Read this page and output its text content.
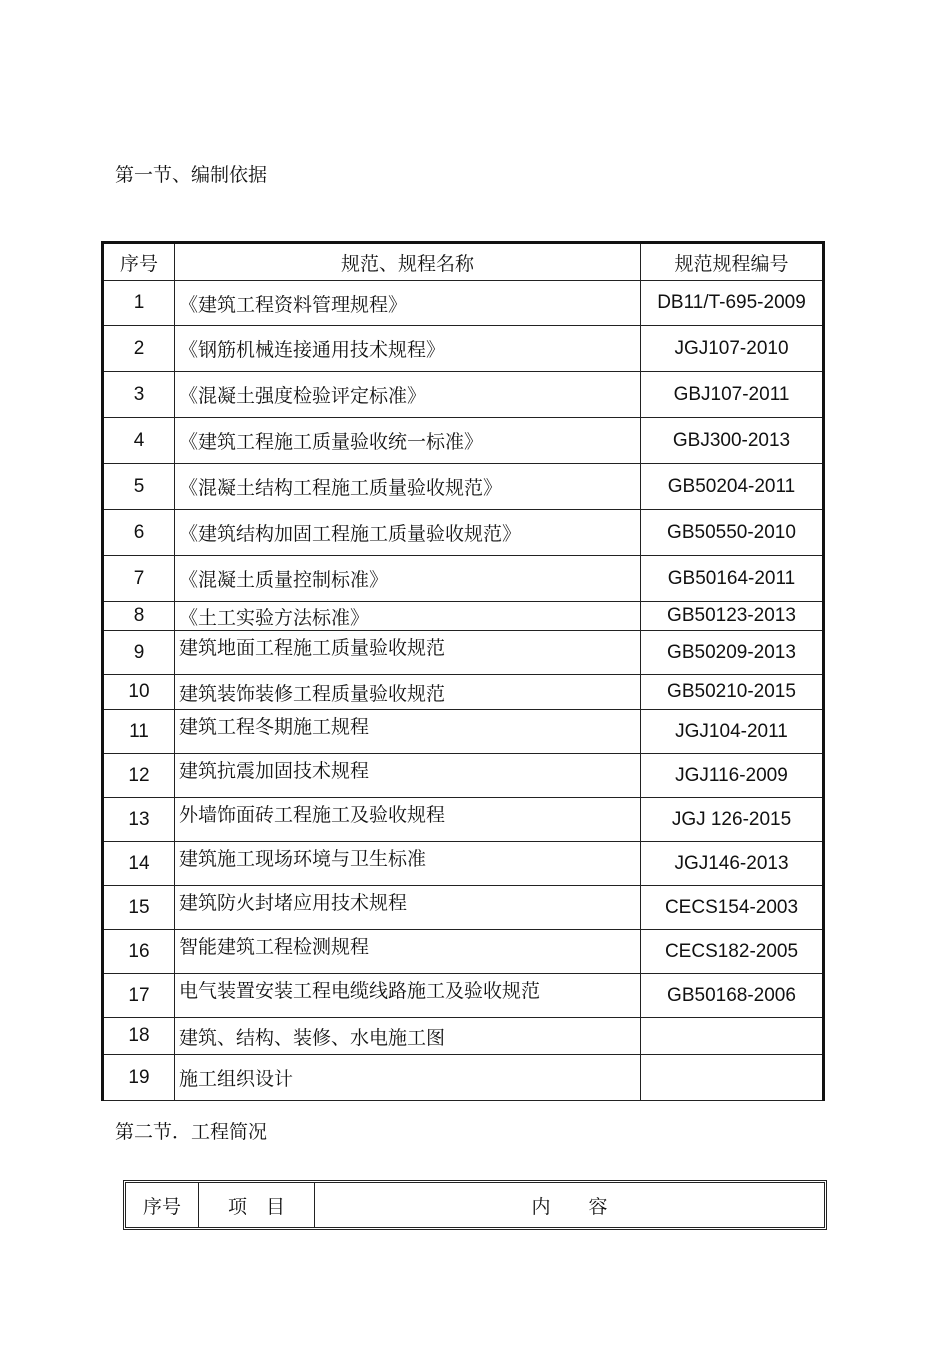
第一节、编制依据
序号	规范、规程名称	规范规程编号
1	《建筑工程资料管理规程》	DB11/T-695-2009
2	《钢筋机械连接通用技术规程》	JGJ107-2010
3	《混凝土强度检验评定标准》	GBJ107-2011
4	《建筑工程施工质量验收统一标准》	GBJ300-2013
5	《混凝土结构工程施工质量验收规范》	GB50204-2011
6	《建筑结构加固工程施工质量验收规范》	GB50550-2010
7	《混凝土质量控制标准》	GB50164-2011
8	《土工实验方法标准》	GB50123-2013
9	建筑地面工程施工质量验收规范	GB50209-2013
10	建筑装饰装修工程质量验收规范	GB50210-2015
11	建筑工程冬期施工规程	JGJ104-2011
12	建筑抗震加固技术规程	JGJ116-2009
13	外墙饰面砖工程施工及验收规程	JGJ 126-2015
14	建筑施工现场环境与卫生标准	JGJ146-2013
15	建筑防火封堵应用技术规程	CECS154-2003
16	智能建筑工程检测规程	CECS182-2005
17	电气装置安装工程电缆线路施工及验收规范	GB50168-2006
18	建筑、结构、装修、水电施工图	
19	施工组织设计	
第二节．工程简况
序号	项　目	内　　容
